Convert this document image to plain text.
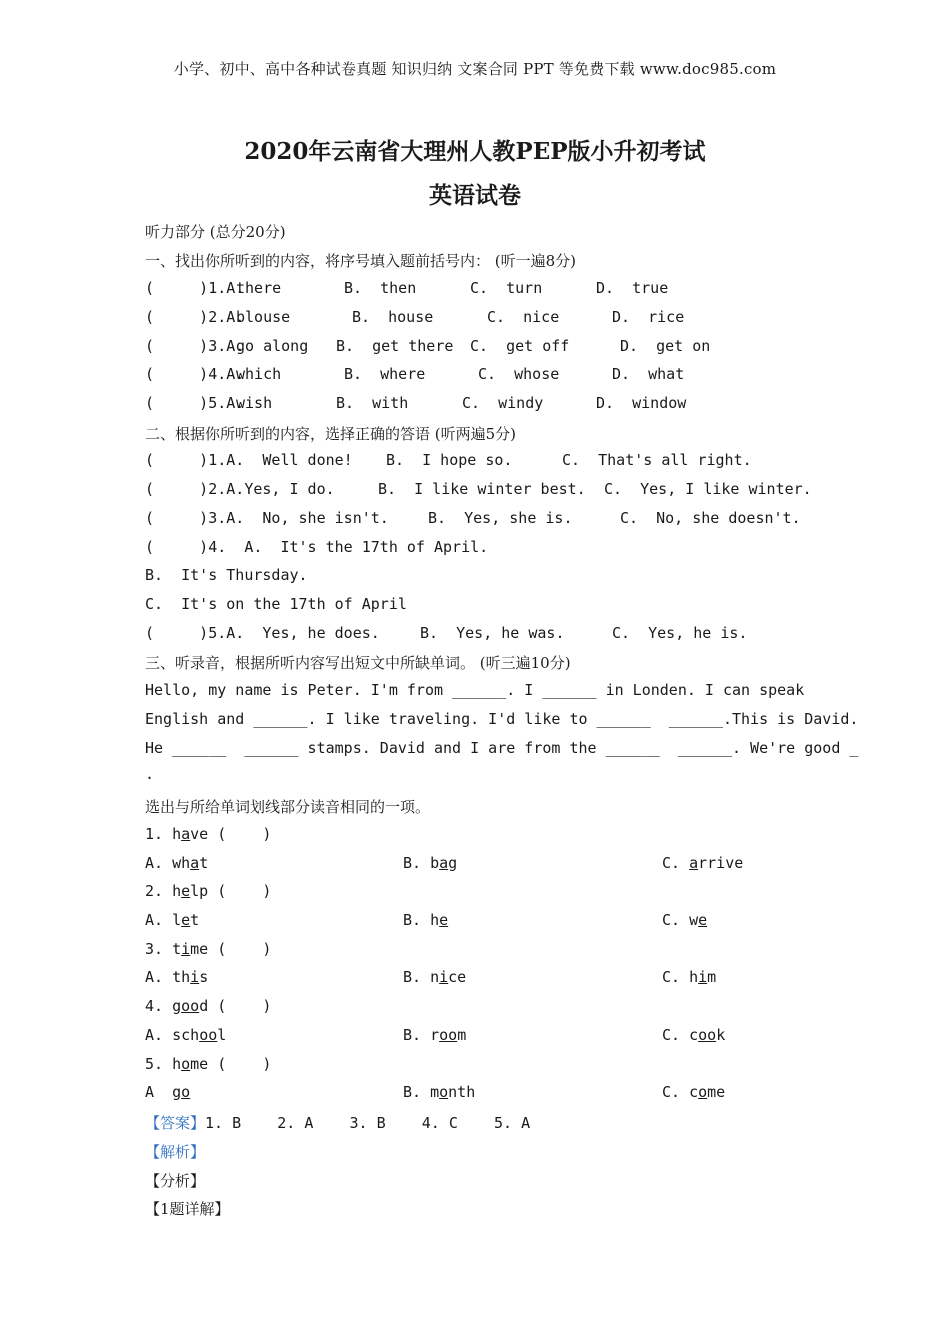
小学、初中、高中各种试卷真题 知识归纳 文案合同 PPT 等免费下载 www.doc985.com
2020年云南省大理州人教PEP版小升初考试
英语试卷
听力部分 (总分20分)
一、找出你所听到的内容，将序号填入题前括号内： (听一遍8分)
(     )1.A.
there	B.  then	C.  turn	D.  true
(     )2.A.
blouse	B.  house	C.  nice	D.  rice
(     )3.A.
go along B.  get there C.  get off	D.  get on
(     )4.A.
which	B.  where	C.  whose	D.  what
(     )5.A.
wish	B.  with	C.  windy	D.  window
二、根据你所听到的内容，选择正确的答语 (听两遍5分)
(     )1.A.  Well done! B.  I hope so.	C.  That's all right.
(     )2.A.Yes, I do.	B.  I like winter best. C.  Yes, I like winter.
(     )3.A.  No, she isn't.	B.  Yes, she is.	C.  No, she doesn't.
(     )4.  A.  It's the 17th of April.
B.  It's Thursday.
C.  It's on the 17th of April
(     )5.A.  Yes, he does.	B.  Yes, he was.	C.  Yes, he is.
三、听录音，根据所听内容写出短文中所缺单词。 (听三遍10分)
Hello, my name is Peter. I'm from ______. I ______ in Londen. I can speak
English and ______. I like traveling. I'd like to ______  ______.This is David.
He ______  ______ stamps. David and I are from the ______  ______. We're good _
.
选出与所给单词划线部分读音相同的一项。
1. have (    )
A. what	B. bag	C. arrive
2. help (    )
A. let	B. he	C. we
3. time (    )
A. this	B. nice	C. him
4. good (    )
A. school	B. room	C. cook
5. home (    )
A  go	B. month	C. come
【答案】1. B    2. A    3. B    4. C    5. A
【解析】
【分析】
【1题详解】
